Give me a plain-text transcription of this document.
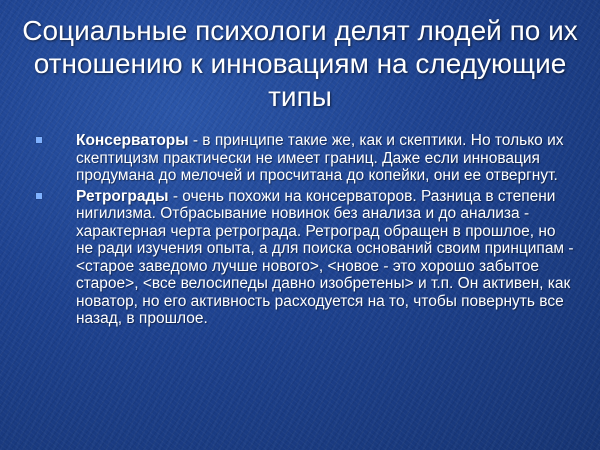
Социальные психологи делят людей по их отношению к инновациям на следующие типы
Консерваторы - в принципе такие же, как и скептики. Но только их скептицизм практически не имеет границ. Даже если инновация продумана до мелочей и просчитана до копейки, они ее отвергнут.
Ретрограды - очень похожи на консерваторов. Разница в степени нигилизма. Отбрасывание новинок без анализа и до анализа - характерная черта ретроградa. Ретроград обращен в прошлое, но не ради изучения опыта, а для поиска оснований своим принципам - <старое заведомо лучше нового>, <новое - это хорошо забытое старое>, <все велосипеды давно изобретены> и т.п. Он активен, как новатор, но его активность расходуется на то, чтобы повернуть все назад, в прошлое.
